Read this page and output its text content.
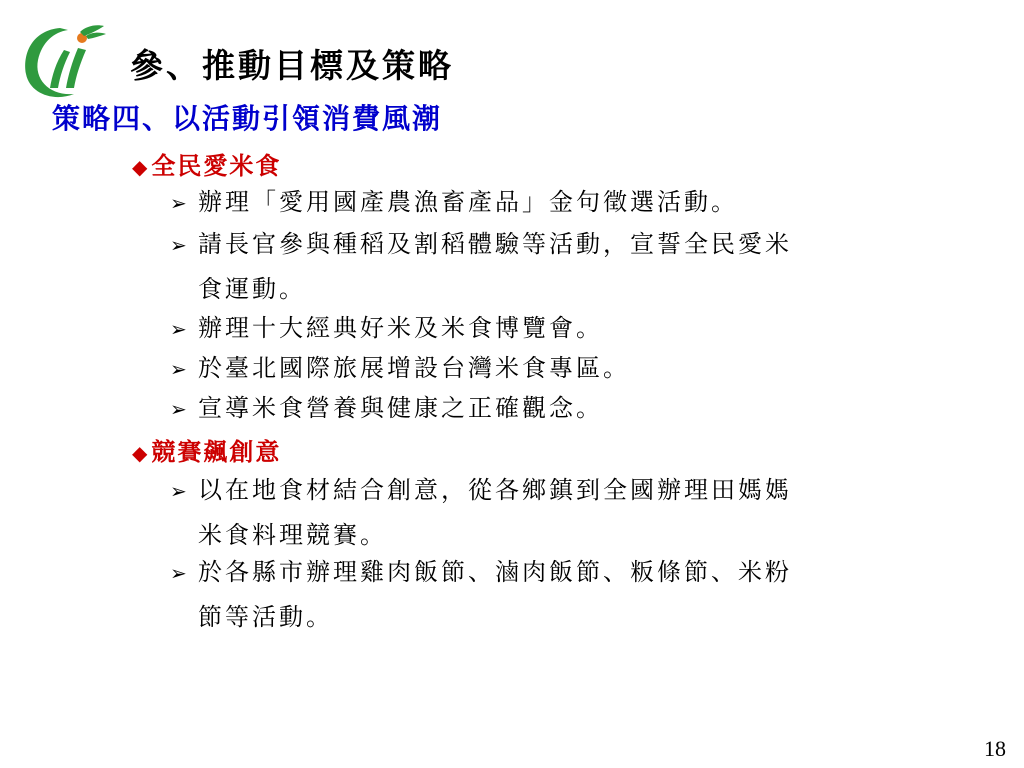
參、推動目標及策略
策略四、以活動引領消費風潮
◆全民愛米食
➢ 辦理「愛用國產農漁畜產品」金句徵選活動。
➢ 請長官參與種稻及割稻體驗等活動，宣誓全民愛米
食運動。
➢ 辦理十大經典好米及米食博覽會。
➢ 於臺北國際旅展增設台灣米食專區。
➢ 宣導米食營養與健康之正確觀念。
◆競賽飆創意
➢ 以在地食材結合創意，從各鄉鎮到全國辦理田媽媽
米食料理競賽。
➢ 於各縣市辦理雞肉飯節、滷肉飯節、粄條節、米粉
節等活動。
18
